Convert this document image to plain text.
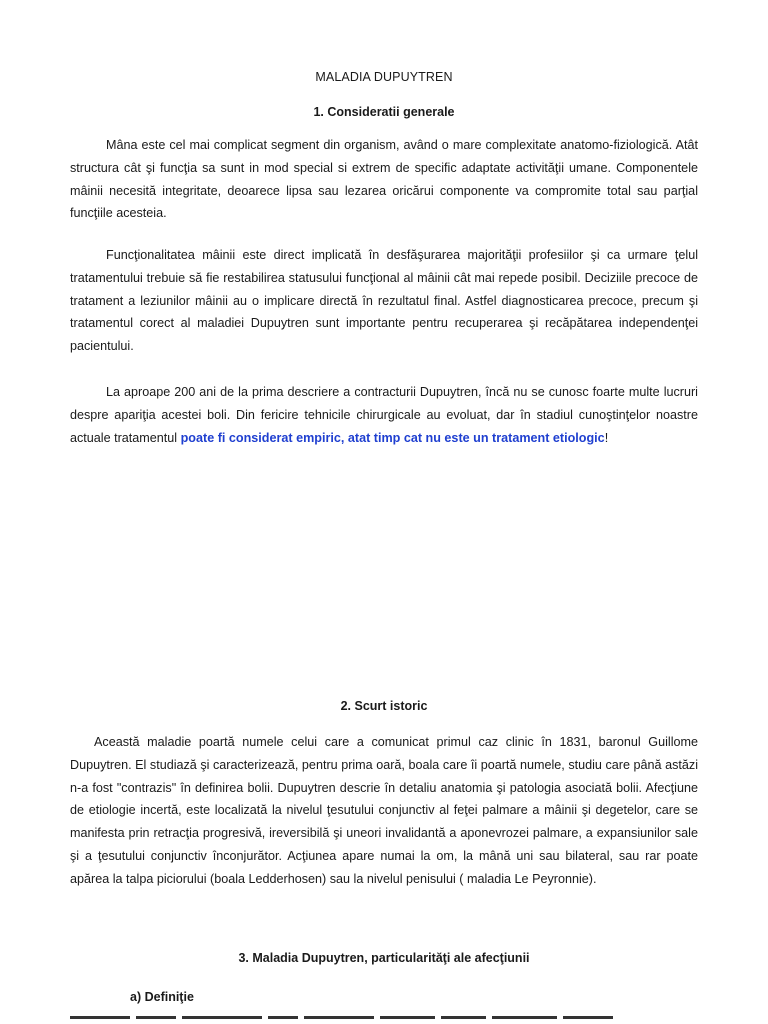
MALADIA DUPUYTREN
1. Consideratii generale
Mâna este cel mai complicat segment din organism, având o mare complexitate anatomo-fiziologică. Atât structura cât şi funcţia sa sunt in mod special si extrem de specific adaptate activităţii umane. Componentele mâinii necesită integritate, deoarece lipsa sau lezarea oricărui componente va compromite total sau parţial funcţiile acesteia.
Funcţionalitatea mâinii este direct implicată în desfăşurarea majorităţii profesiilor şi ca urmare ţelul tratamentului trebuie să fie restabilirea statusului funcţional al mâinii cât mai repede posibil. Deciziile precoce de tratament a leziunilor mâinii au o implicare directă în rezultatul final. Astfel diagnosticarea precoce, precum şi tratamentul corect al maladiei Dupuytren sunt importante pentru recuperarea şi recăpătarea independenţei pacientului.
La aproape 200 ani de la prima descriere a contracturii Dupuytren, încă nu se cunosc foarte multe lucruri despre apariţia acestei boli. Din fericire tehnicile chirurgicale au evoluat, dar în stadiul cunoştinţelor noastre actuale tratamentul poate fi considerat empiric, atat timp cat nu este un tratament etiologic!
2. Scurt istoric
Această maladie poartă numele celui care a comunicat primul caz clinic în 1831, baronul Guillome Dupuytren. El studiază şi caracterizează, pentru prima oară, boala care îi poartă numele, studiu care până astăzi n-a fost "contrazis" în definirea bolii. Dupuytren descrie în detaliu anatomia şi patologia asociată bolii. Afecţiune de etiologie incertă, este localizată la nivelul ţesutului conjunctiv al feţei palmare a mâinii şi degetelor, care se manifesta prin retracţia progresivă, ireversibilă şi uneori invalidantă a aponevrozei palmare, a expansiunilor sale şi a ţesutului conjunctiv înconjurător. Acţiunea apare numai la om, la mână uni sau bilateral, sau rar poate apărea la talpa piciorului (boala Ledderhosen) sau la nivelul penisului ( maladia Le Peyronnie).
3. Maladia Dupuytren, particularităţi ale afecţiunii
a) Definiţie
